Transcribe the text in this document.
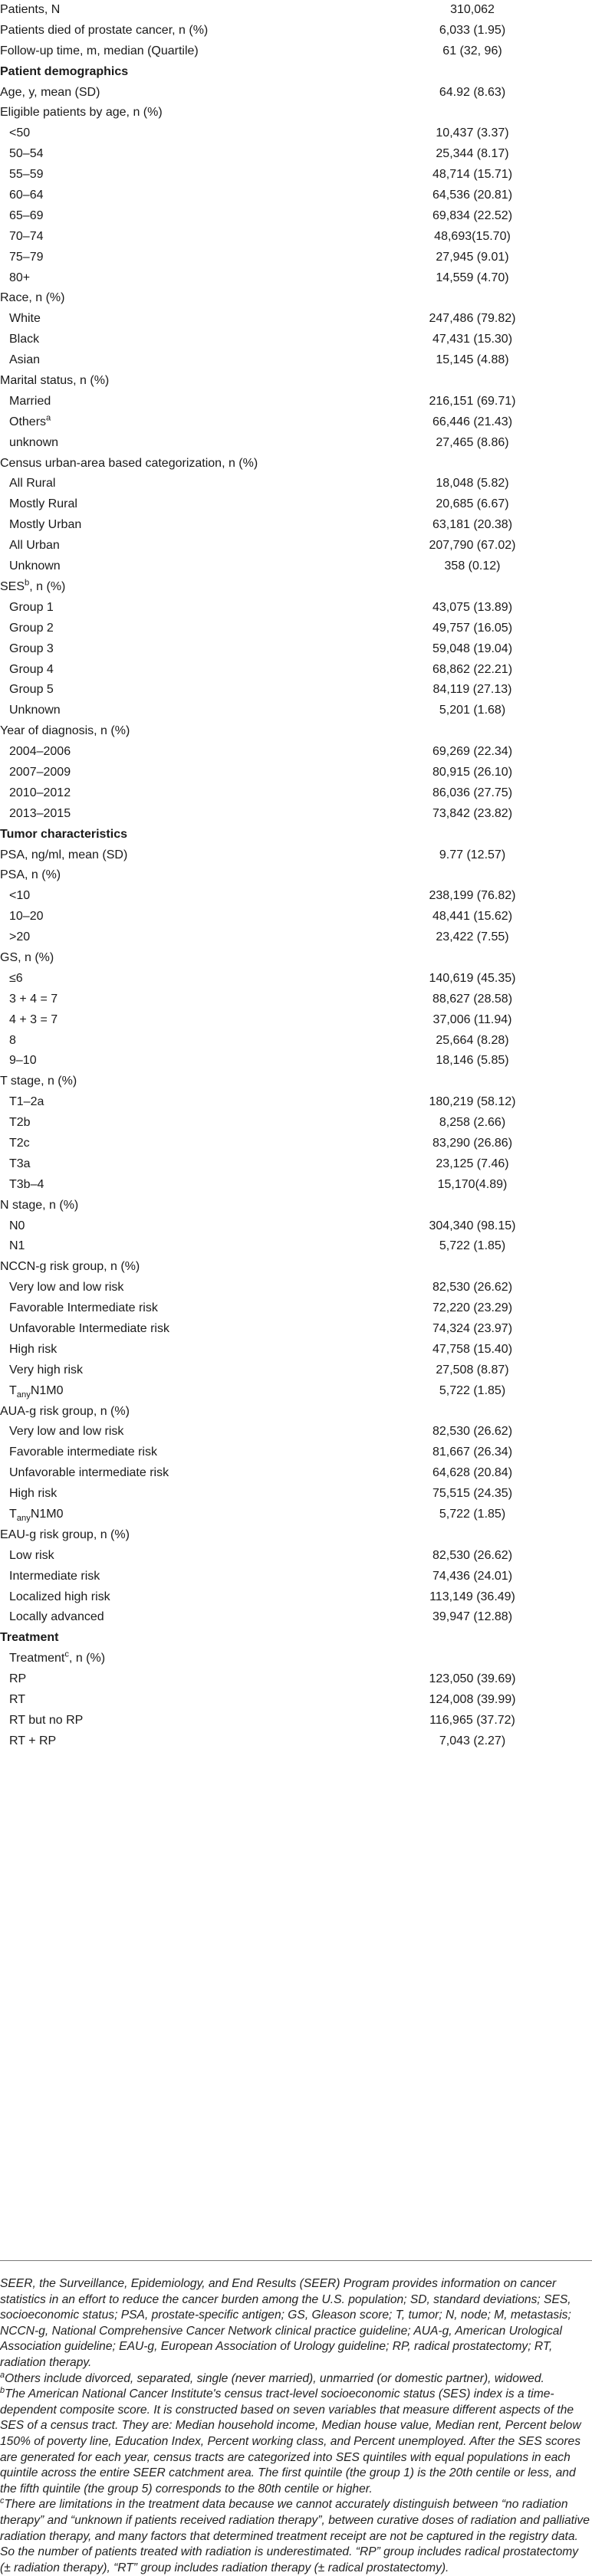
Patients, N	310,062
Patients died of prostate cancer, n (%)	6,033 (1.95)
Follow-up time, m, median (Quartile)	61 (32, 96)
Patient demographics
Age, y, mean (SD)	64.92 (8.63)
Eligible patients by age, n (%)
<50	10,437 (3.37)
50–54	25,344 (8.17)
55–59	48,714 (15.71)
60–64	64,536 (20.81)
65–69	69,834 (22.52)
70–74	48,693(15.70)
75–79	27,945 (9.01)
80+	14,559 (4.70)
Race, n (%)
White	247,486 (79.82)
Black	47,431 (15.30)
Asian	15,145 (4.88)
Marital status, n (%)
Married	216,151 (69.71)
Others$^a$	66,446 (21.43)
unknown	27,465 (8.86)
Census urban-area based categorization, n (%)
All Rural	18,048 (5.82)
Mostly Rural	20,685 (6.67)
Mostly Urban	63,181 (20.38)
All Urban	207,790 (67.02)
Unknown	358 (0.12)
SES$^b$, n (%)
Group 1	43,075 (13.89)
Group 2	49,757 (16.05)
Group 3	59,048 (19.04)
Group 4	68,862 (22.21)
Group 5	84,119 (27.13)
Unknown	5,201 (1.68)
Year of diagnosis, n (%)
2004–2006	69,269 (22.34)
2007–2009	80,915 (26.10)
2010–2012	86,036 (27.75)
2013–2015	73,842 (23.82)
Tumor characteristics
PSA, ng/ml, mean (SD)	9.77 (12.57)
PSA, n (%)
<10	238,199 (76.82)
10–20	48,441 (15.62)
>20	23,422 (7.55)
GS, n (%)
≤6	140,619 (45.35)
3 + 4 = 7	88,627 (28.58)
4 + 3 = 7	37,006 (11.94)
8	25,664 (8.28)
9–10	18,146 (5.85)
T stage, n (%)
T1–2a	180,219 (58.12)
T2b	8,258 (2.66)
T2c	83,290 (26.86)
T3a	23,125 (7.46)
T3b–4	15,170(4.89)
N stage, n (%)
N0	304,340 (98.15)
N1	5,722 (1.85)
NCCN-g risk group, n (%)
Very low and low risk	82,530 (26.62)
Favorable Intermediate risk	72,220 (23.29)
Unfavorable Intermediate risk	74,324 (23.97)
High risk	47,758 (15.40)
Very high risk	27,508 (8.87)
$T_{any}N1M0$	5,722 (1.85)
AUA-g risk group, n (%)
Very low and low risk	82,530 (26.62)
Favorable intermediate risk	81,667 (26.34)
Unfavorable intermediate risk	64,628 (20.84)
High risk	75,515 (24.35)
$T_{any}N1M0$	5,722 (1.85)
EAU-g risk group, n (%)
Low risk	82,530 (26.62)
Intermediate risk	74,436 (24.01)
Localized high risk	113,149 (36.49)
Locally advanced	39,947 (12.88)
Treatment
Treatment$^c$, n (%)
RP	123,050 (39.69)
RT	124,008 (39.99)
RT but no RP	116,965 (37.72)
RT + RP	7,043 (2.27)

SEER, the Surveillance, Epidemiology, and End Results (SEER) Program provides information on cancer statistics in an effort to reduce the cancer burden among the U.S. population; SD, standard deviations; SES, socioeconomic status; PSA, prostate-specific antigen; GS, Gleason score; T, tumor; N, node; M, metastasis; NCCN-g, National Comprehensive Cancer Network clinical practice guideline; AUA-g, American Urological Association guideline; EAU-g, European Association of Urology guideline; RP, radical prostatectomy; RT, radiation therapy.

$^a$Others include divorced, separated, single (never married), unmarried (or domestic partner), widowed.

$^b$The American National Cancer Institute's census tract-level socioeconomic status (SES) index is a time-dependent composite score. It is constructed based on seven variables that measure different aspects of the SES of a census tract. They are: Median household income, Median house value, Median rent, Percent below 150% of poverty line, Education Index, Percent working class, and Percent unemployed. After the SES scores are generated for each year, census tracts are categorized into SES quintiles with equal populations in each quintile across the entire SEER catchment area. The first quintile (the group 1) is the 20th centile or less, and the fifth quintile (the group 5) corresponds to the 80th centile or higher.

$^c$There are limitations in the treatment data because we cannot accurately distinguish between “no radiation therapy” and “unknown if patients received radiation therapy”, between curative doses of radiation and palliative radiation therapy, and many factors that determined treatment receipt are not be captured in the registry data. So the number of patients treated with radiation is underestimated. “RP” group includes radical prostatectomy (± radiation therapy), “RT” group includes radiation therapy (± radical prostatectomy).
